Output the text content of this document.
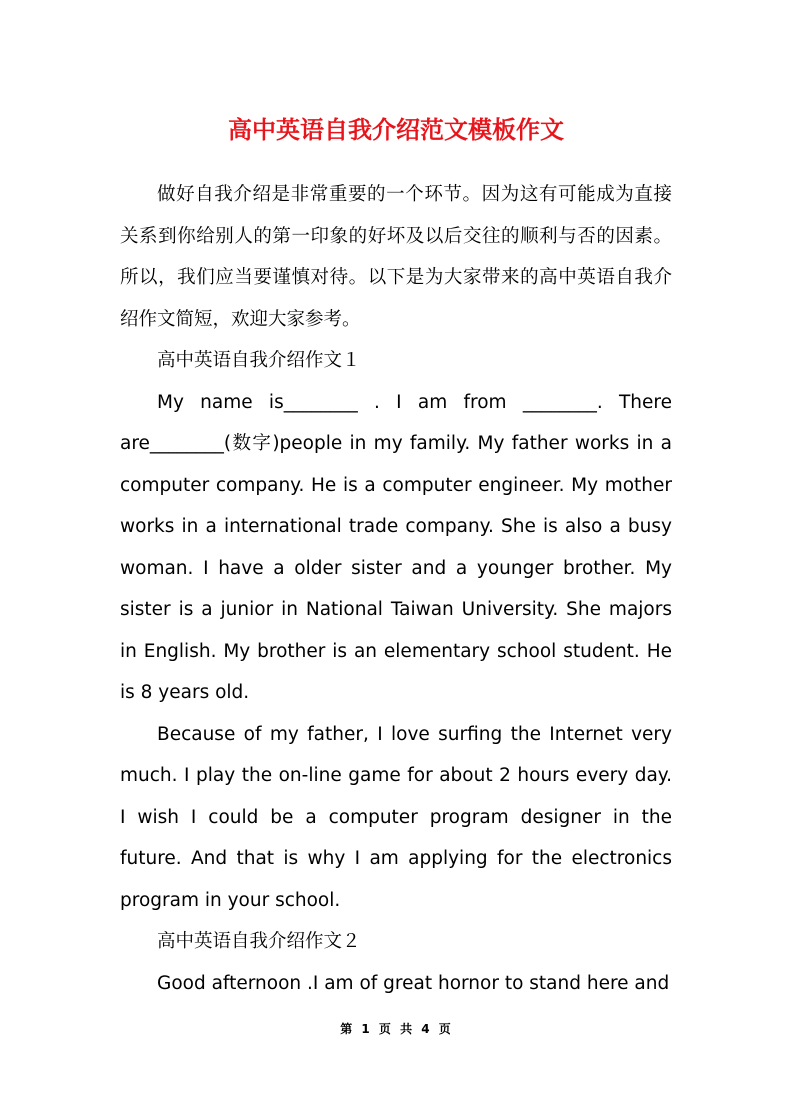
高中英语自我介绍范文模板作文

做好自我介绍是非常重要的一个环节。因为这有可能成为直接关系到你给别人的第一印象的好坏及以后交往的顺利与否的因素。所以，我们应当要谨慎对待。以下是为大家带来的高中英语自我介绍作文简短，欢迎大家参考。

高中英语自我介绍作文１

My name is________ . I am from ________. There are________(数字)people in my family. My father works in a computer company. He is a computer engineer. My mother works in a international trade company. She is also a busy woman. I have a older sister and a younger brother. My sister is a junior in National Taiwan University. She majors in English. My brother is an elementary school student. He is 8 years old.

Because of my father, I love surfing the Internet very much. I play the on-line game for about 2 hours every day. I wish I could be a computer program designer in the future. And that is why I am applying for the electronics program in your school.

高中英语自我介绍作文２

Good afternoon .I am of great hornor to stand here and

第 1 页 共 4 页
